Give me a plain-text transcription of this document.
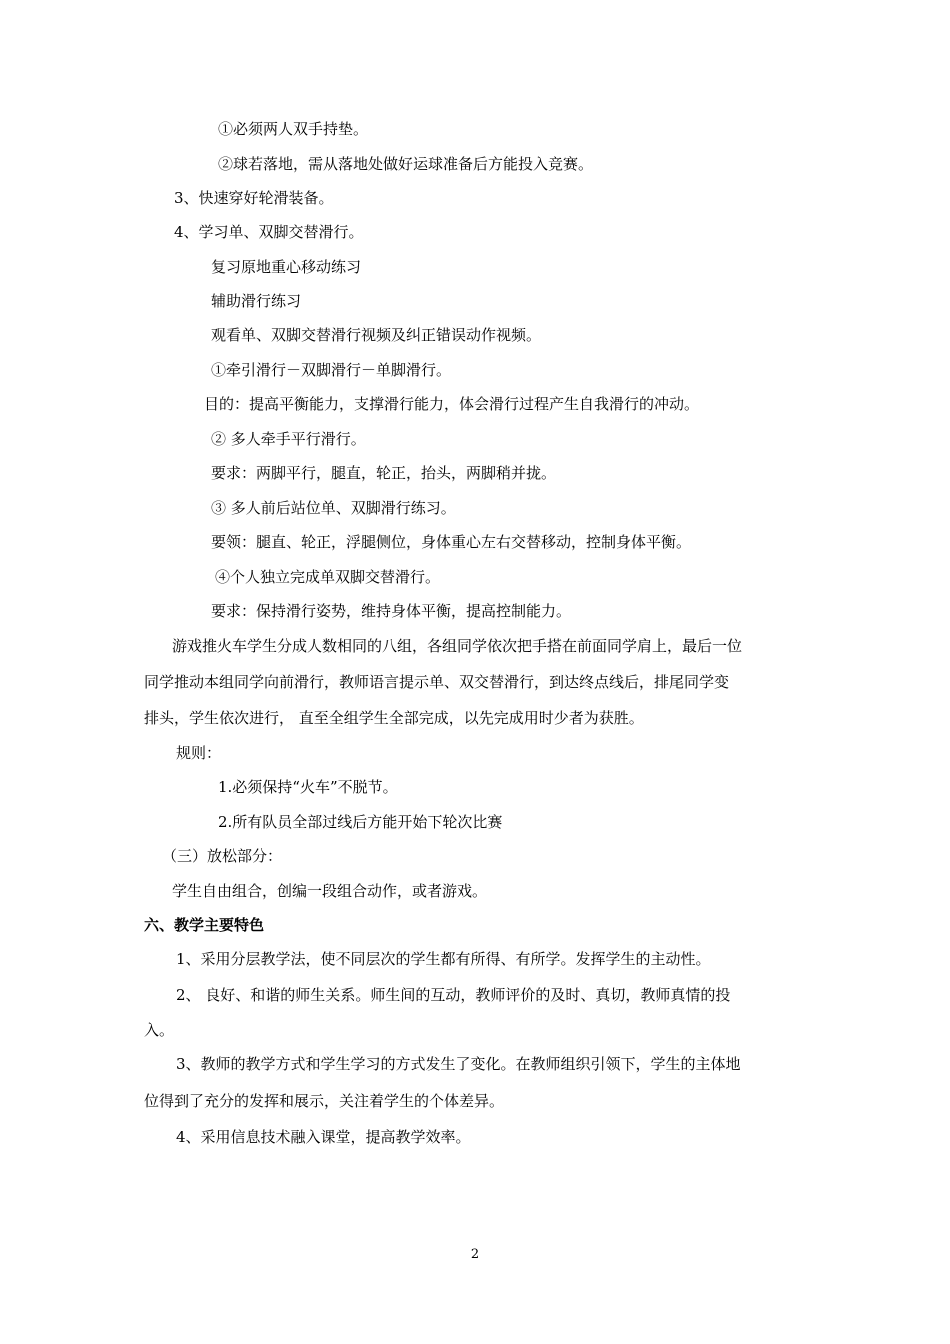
①必须两人双手持垫。
②球若落地，需从落地处做好运球准备后方能投入竞赛。
3、快速穿好轮滑装备。
4、学习单、双脚交替滑行。
复习原地重心移动练习
辅助滑行练习
观看单、双脚交替滑行视频及纠正错误动作视频。
①牵引滑行－双脚滑行－单脚滑行。
目的：提高平衡能力，支撑滑行能力，体会滑行过程产生自我滑行的冲动。
② 多人牵手平行滑行。
要求：两脚平行，腿直，轮正，抬头，两脚稍并拢。
③ 多人前后站位单、双脚滑行练习。
要领：腿直、轮正，浮腿侧位，身体重心左右交替移动，控制身体平衡。
④个人独立完成单双脚交替滑行。
要求：保持滑行姿势，维持身体平衡，提高控制能力。
游戏推火车学生分成人数相同的八组，各组同学依次把手搭在前面同学肩上，最后一位
同学推动本组同学向前滑行，教师语言提示单、双交替滑行，到达终点线后，排尾同学变
排头，学生依次进行， 直至全组学生全部完成，以先完成用时少者为获胜。
规则：
1.必须保持“火车”不脱节。
2.所有队员全部过线后方能开始下轮次比赛
（三）放松部分：
学生自由组合，创编一段组合动作，或者游戏。
六、教学主要特色
1、采用分层教学法，使不同层次的学生都有所得、有所学。发挥学生的主动性。
2、 良好、和谐的师生关系。师生间的互动，教师评价的及时、真切，教师真情的投
入。
3、教师的教学方式和学生学习的方式发生了变化。在教师组织引领下，学生的主体地
位得到了充分的发挥和展示，关注着学生的个体差异。
4、采用信息技术融入课堂，提高教学效率。
2
